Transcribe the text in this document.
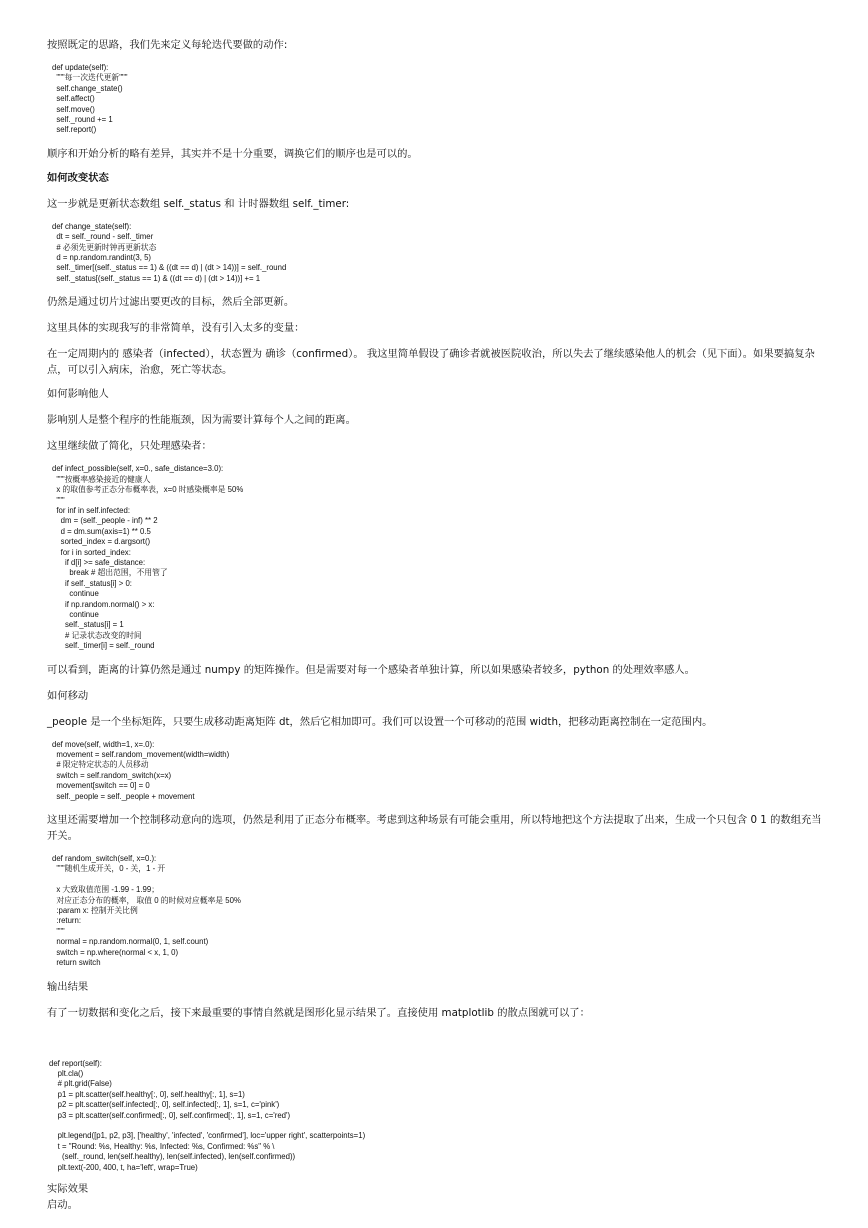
按照既定的思路，我们先来定义每轮迭代要做的动作:

def update(self):
"""每一次迭代更新"""
self.change_state()
self.affect()
self.move()
self._round += 1
self.report()

顺序和开始分析的略有差异，其实并不是十分重要，调换它们的顺序也是可以的。

如何改变状态

这一步就是更新状态数组 self._status 和 计时器数组 self._timer:

def change_state(self):
dt = self._round - self._timer
# 必须先更新时钟再更新状态
d = np.random.randint(3, 5)
self._timer[(self._status == 1) & ((dt == d) | (dt > 14))] = self._round
self._status[(self._status == 1) & ((dt == d) | (dt > 14))] += 1

仍然是通过切片过滤出要更改的目标，然后全部更新。

这里具体的实现我写的非常简单，没有引入太多的变量：

在一定周期内的 感染者（infected），状态置为 确诊（confirmed）。 我这里简单假设了确诊者就被医院收治，所以失去了继续感染他人的机会（见下面）。如果要搞复杂点，可以引入病床，治愈，死亡等状态。

如何影响他人

影响别人是整个程序的性能瓶颈，因为需要计算每个人之间的距离。

这里继续做了简化，只处理感染者：

def infect_possible(self, x=0., safe_distance=3.0):
"""按概率感染接近的健康人
x 的取值参考正态分布概率表，x=0 时感染概率是 50%
"""
for inf in self.infected:
dm = (self._people - inf) ** 2
d = dm.sum(axis=1) ** 0.5
sorted_index = d.argsort()
for i in sorted_index:
if d[i] >= safe_distance:
break # 超出范围，不用管了
if self._status[i] > 0:
continue
if np.random.normal() > x:
continue
self._status[i] = 1
# 记录状态改变的时间
self._timer[i] = self._round

可以看到，距离的计算仍然是通过 numpy 的矩阵操作。但是需要对每一个感染者单独计算，所以如果感染者较多，python 的处理效率感人。

如何移动

_people 是一个坐标矩阵，只要生成移动距离矩阵 dt，然后它相加即可。我们可以设置一个可移动的范围 width，把移动距离控制在一定范围内。

def move(self, width=1, x=.0):
movement = self.random_movement(width=width)
# 限定特定状态的人员移动
switch = self.random_switch(x=x)
movement[switch == 0] = 0
self._people = self._people + movement

这里还需要增加一个控制移动意向的选项，仍然是利用了正态分布概率。考虑到这种场景有可能会重用，所以特地把这个方法提取了出来，生成一个只包含 0 1 的数组充当开关。

def random_switch(self, x=0.):
"""随机生成开关，0 - 关，1 - 开

x 大致取值范围 -1.99 - 1.99；
对应正态分布的概率， 取值 0 的时候对应概率是 50%
:param x: 控制开关比例
:return:
"""
normal = np.random.normal(0, 1, self.count)
switch = np.where(normal < x, 1, 0)
return switch

输出结果

有了一切数据和变化之后，接下来最重要的事情自然就是图形化显示结果了。直接使用 matplotlib 的散点图就可以了：

def report(self):
plt.cla()
# plt.grid(False)
p1 = plt.scatter(self.healthy[:, 0], self.healthy[:, 1], s=1)
p2 = plt.scatter(self.infected[:, 0], self.infected[:, 1], s=1, c='pink')
p3 = plt.scatter(self.confirmed[:, 0], self.confirmed[:, 1], s=1, c='red')

plt.legend([p1, p2, p3], ['healthy', 'infected', 'confirmed'], loc='upper right', scatterpoints=1)
t = "Round: %s, Healthy: %s, Infected: %s, Confirmed: %s" % \
(self._round, len(self.healthy), len(self.infected), len(self.confirmed))
plt.text(-200, 400, t, ha='left', wrap=True)

实际效果

启动。
